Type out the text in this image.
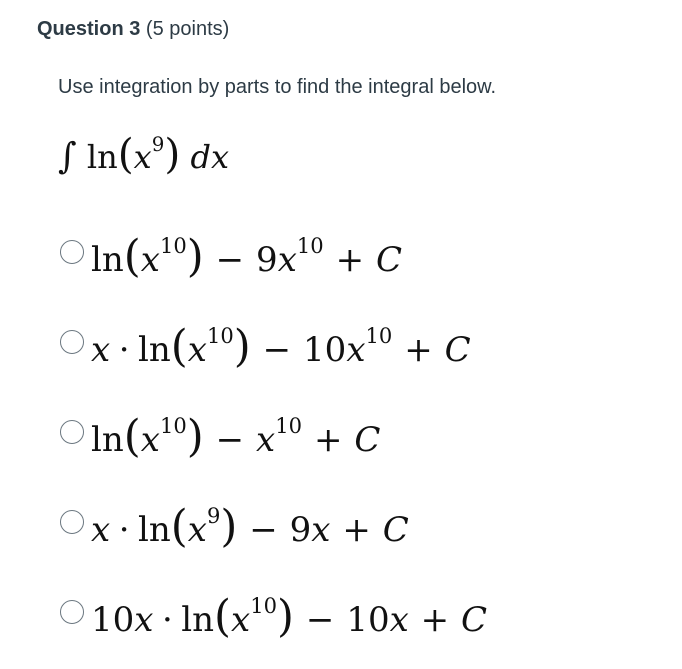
Question 3 (5 points)
Use integration by parts to find the integral below.
∫ $\ln(x^9)$ dx
$\ln(x^{10}) - 9x^{10} + C$
$x \cdot \ln(x^{10}) - 10x^{10} + C$
$\ln(x^{10}) - x^{10} + C$
$x \cdot \ln(x^9) - 9x + C$
$10x \cdot \ln(x^{10}) - 10x + C$
